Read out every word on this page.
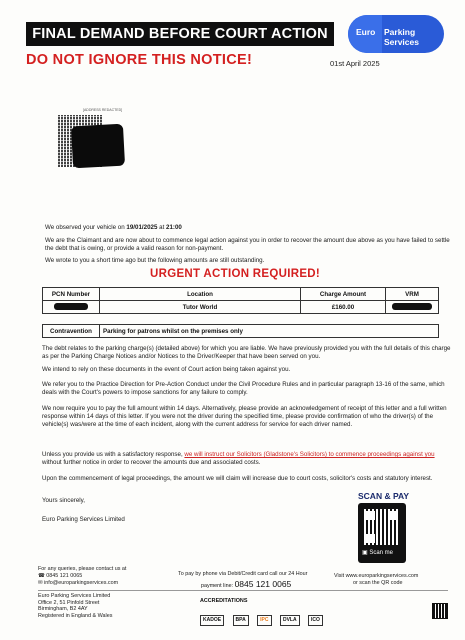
FINAL DEMAND BEFORE COURT ACTION	Euro Parking Services
DO NOT IGNORE THIS NOTICE!	01st April 2025
[ADDRESS REDACTED]
We observed your vehicle on 19/01/2025 at 21:00
We are the Claimant and are now about to commence legal action against you in order to recover the amount due above as you have failed to settle the debt that is owing, or provide a valid reason for non-payment.
We wrote to you a short time ago but the following amounts are still outstanding.
URGENT ACTION REQUIRED!
PCN Number	Location	Charge Amount	VRM
	Tutor World	£160.00	
Contravention	Parking for patrons whilst on the premises only
The debt relates to the parking charge(s) (detailed above) for which you are liable. We have previously provided you with the full details of this charge as per the Parking Charge Notices and/or Notices to the Driver/Keeper that have been served on you.
We intend to rely on these documents in the event of Court action being taken against you.
We refer you to the Practice Direction for Pre-Action Conduct under the Civil Procedure Rules and in particular paragraph 13-16 of the same, which deals with the Court's powers to impose sanctions for any failure to comply.
We now require you to pay the full amount within 14 days. Alternatively, please provide an acknowledgement of receipt of this letter and a full written response within 14 days of this letter. If you were not the driver during the specified time, please provide confirmation of who the driver(s) of the vehicle(s) was/were at the time of each incident, along with the current address for service for each driver named.
Unless you provide us with a satisfactory response, we will instruct our Solicitors (Gladstone's Solicitors) to commence proceedings against you without further notice in order to recover the amounts due and associated costs.
Upon the commencement of legal proceedings, the amount we will claim will increase due to court costs, solicitor's costs and statutory interest.
Yours sincerely,
Euro Parking Services Limited
SCAN & PAY
▣ Scan me
For any queries, please contact us at
☎ 0845 121 0065
✉ info@europarkingservices.com
To pay by phone via Debit/Credit card call our 24 Hour
payment line: 0845 121 0065
Visit www.europarkingservices.com
or scan the QR code
Euro Parking Services Limited
Office 2, 51 Pinfold Street
Birmingham, B2 4AY
Registered in England & Wales
ACCREDITATIONS
KADOE	BPA	IPC	DVLA	ICO
